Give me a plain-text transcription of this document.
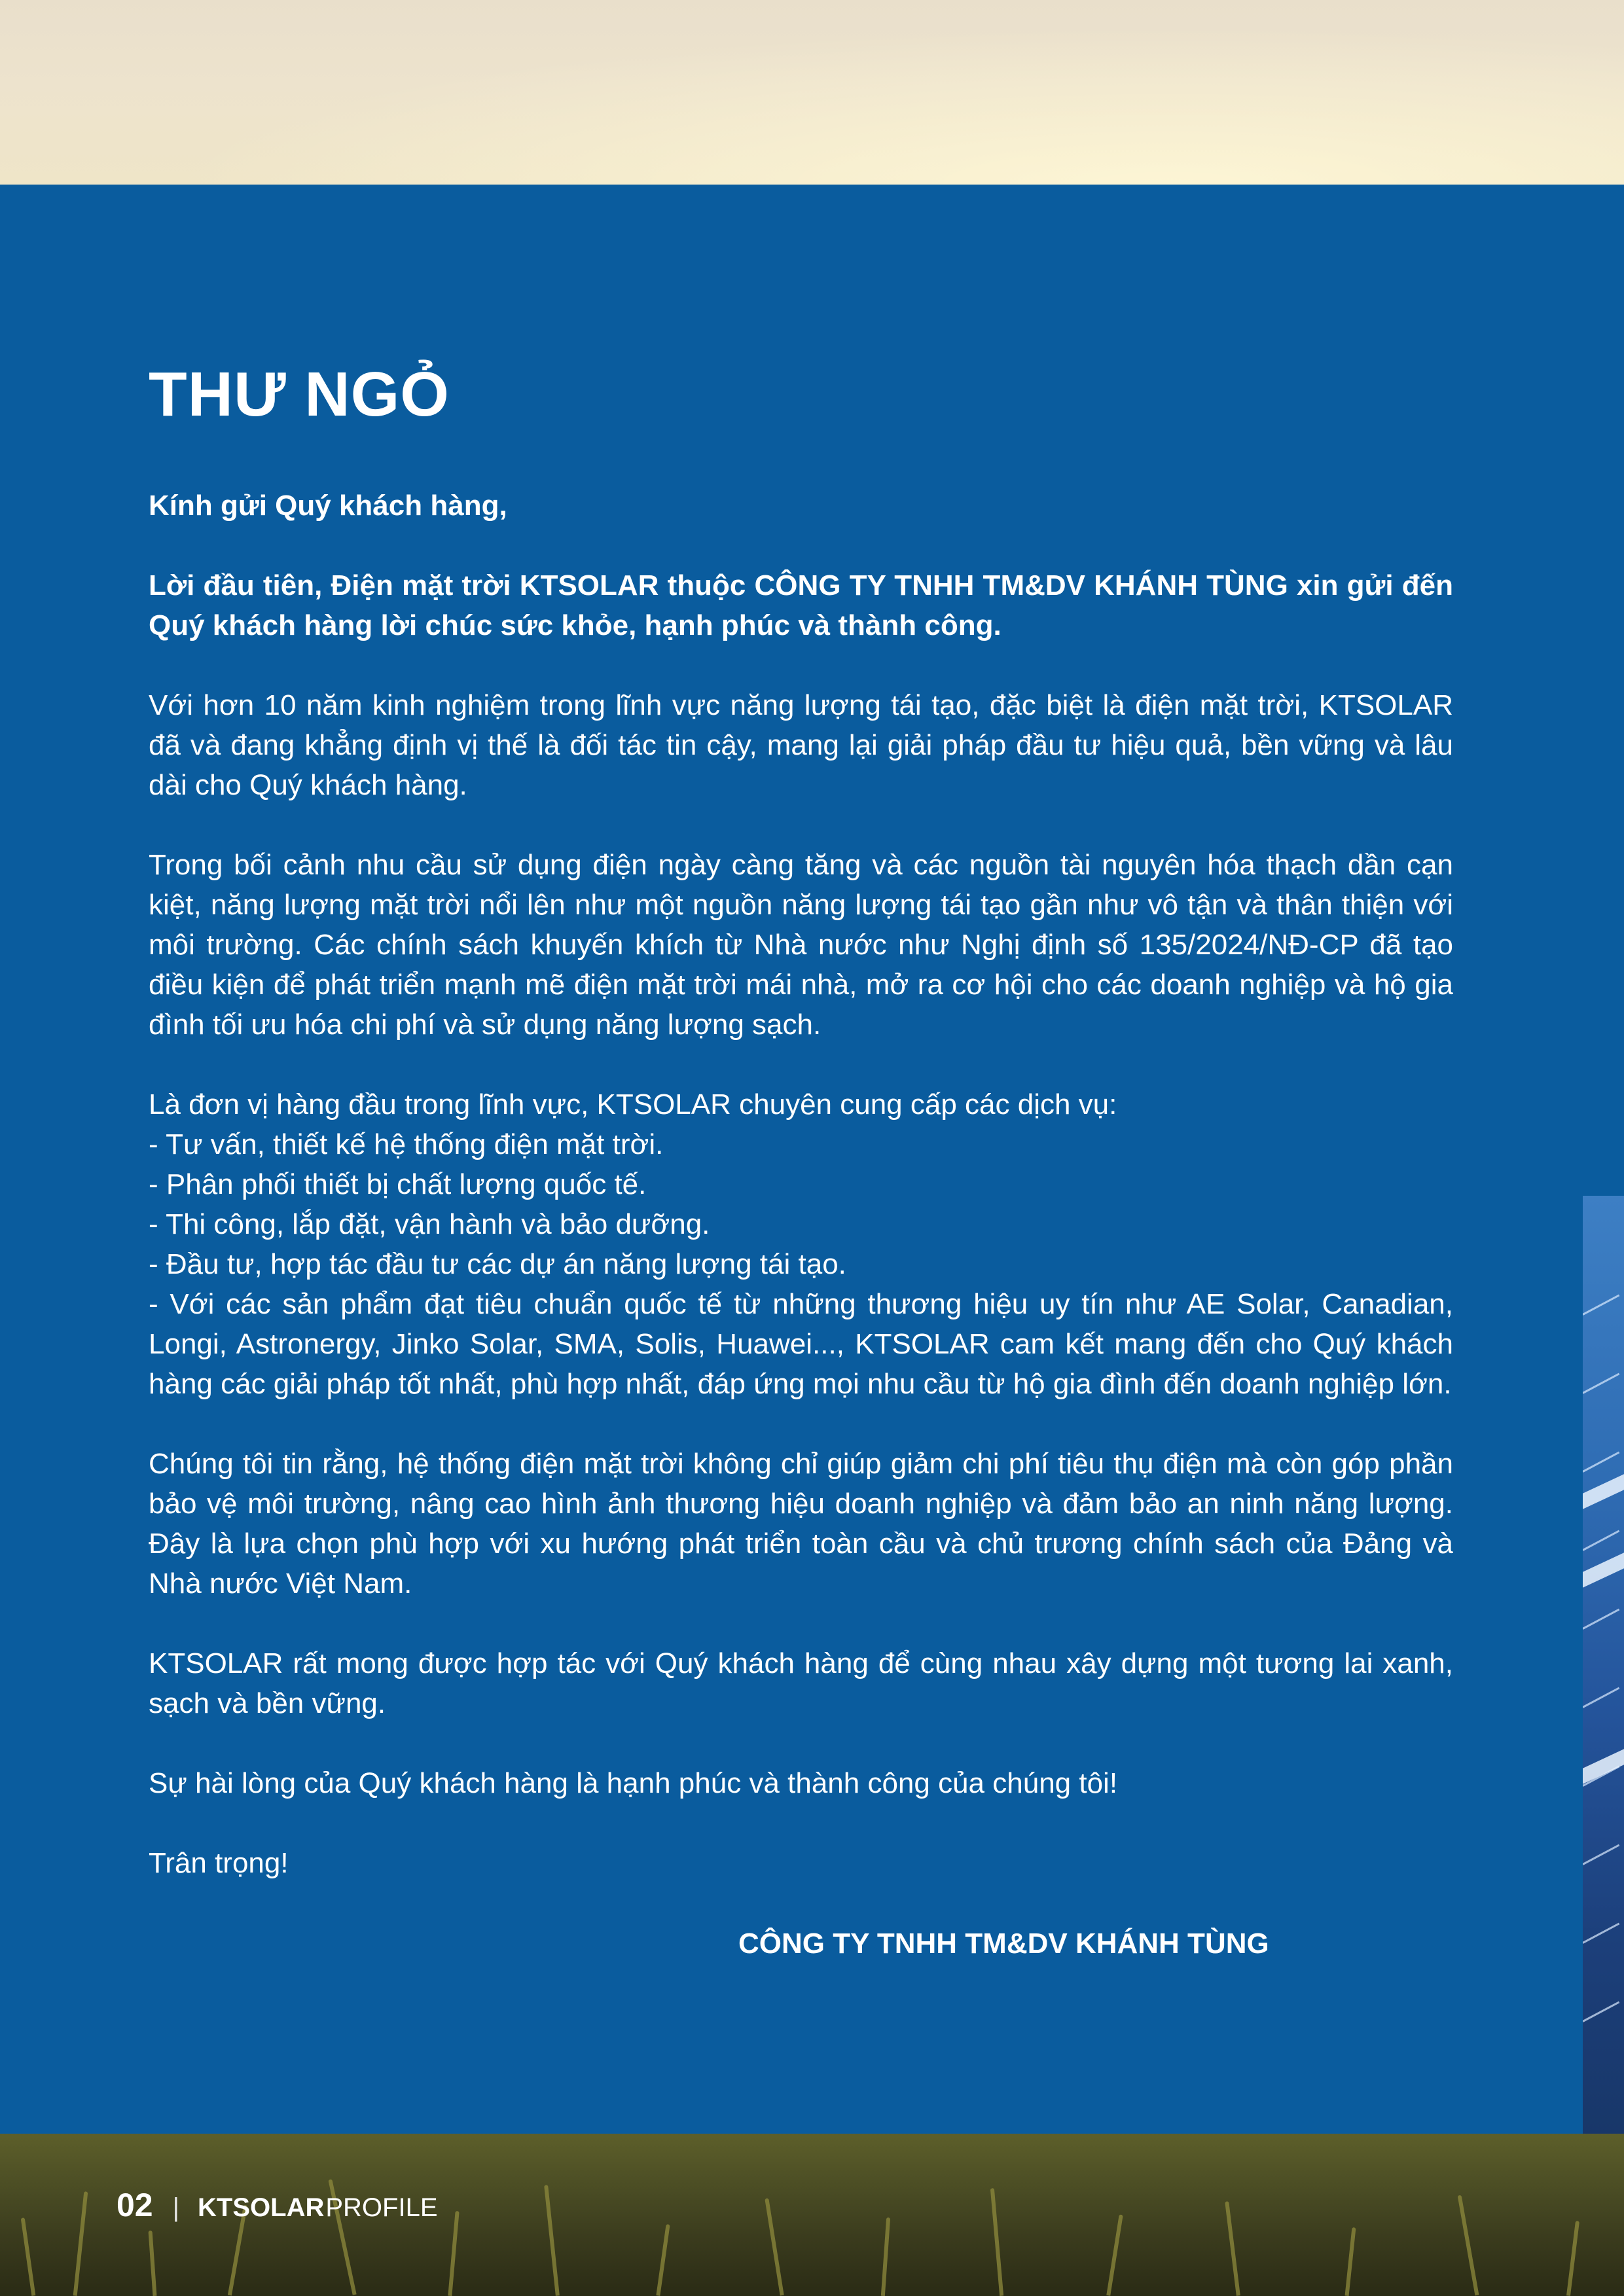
THƯ NGỎ

Kính gửi Quý khách hàng,

Lời đầu tiên, Điện mặt trời KTSOLAR thuộc CÔNG TY TNHH TM&DV KHÁNH TÙNG xin gửi đến Quý khách hàng lời chúc sức khỏe, hạnh phúc và thành công.

Với hơn 10 năm kinh nghiệm trong lĩnh vực năng lượng tái tạo, đặc biệt là điện mặt trời, KTSOLAR đã và đang khẳng định vị thế là đối tác tin cậy, mang lại giải pháp đầu tư hiệu quả, bền vững và lâu dài cho Quý khách hàng.

Trong bối cảnh nhu cầu sử dụng điện ngày càng tăng và các nguồn tài nguyên hóa thạch dần cạn kiệt, năng lượng mặt trời nổi lên như một nguồn năng lượng tái tạo gần như vô tận và thân thiện với môi trường. Các chính sách khuyến khích từ Nhà nước như Nghị định số 135/2024/NĐ-CP đã tạo điều kiện để phát triển mạnh mẽ điện mặt trời mái nhà, mở ra cơ hội cho các doanh nghiệp và hộ gia đình tối ưu hóa chi phí và sử dụng năng lượng sạch.

Là đơn vị hàng đầu trong lĩnh vực, KTSOLAR chuyên cung cấp các dịch vụ:

- Tư vấn, thiết kế hệ thống điện mặt trời.

- Phân phối thiết bị chất lượng quốc tế.

- Thi công, lắp đặt, vận hành và bảo dưỡng.

- Đầu tư, hợp tác đầu tư các dự án năng lượng tái tạo.

- Với các sản phẩm đạt tiêu chuẩn quốc tế từ những thương hiệu uy tín như AE Solar, Canadian, Longi, Astronergy, Jinko Solar, SMA, Solis, Huawei..., KTSOLAR cam kết mang đến cho Quý khách hàng các giải pháp tốt nhất, phù hợp nhất, đáp ứng mọi nhu cầu từ hộ gia đình đến doanh nghiệp lớn.

Chúng tôi tin rằng, hệ thống điện mặt trời không chỉ giúp giảm chi phí tiêu thụ điện mà còn góp phần bảo vệ môi trường, nâng cao hình ảnh thương hiệu doanh nghiệp và đảm bảo an ninh năng lượng. Đây là lựa chọn phù hợp với xu hướng phát triển toàn cầu và chủ trương chính sách của Đảng và Nhà nước Việt Nam.

KTSOLAR rất mong được hợp tác với Quý khách hàng để cùng nhau xây dựng một tương lai xanh, sạch và bền vững.

Sự hài lòng của Quý khách hàng là hạnh phúc và thành công của chúng tôi!

Trân trọng!

CÔNG TY TNHH TM&DV KHÁNH TÙNG
02 | KTSOLAR PROFILE
